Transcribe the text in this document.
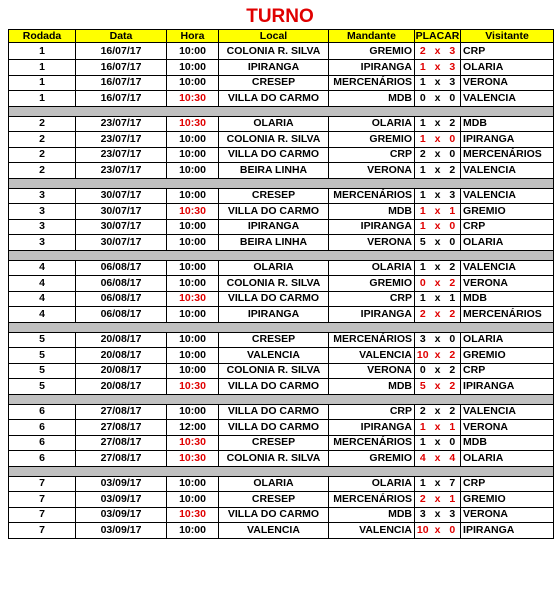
TURNO
Rodada	Data	Hora	Local	Mandante	PLACAR			Visitante
1	16/07/17	10:00	COLONIA R. SILVA	GREMIO	2	x	3	CRP
1	16/07/17	10:00	IPIRANGA	IPIRANGA	1	x	3	OLARIA
1	16/07/17	10:00	CRESEP	MERCENÁRIOS	1	x	3	VERONA
1	16/07/17	10:30	VILLA DO CARMO	MDB	0	x	0	VALENCIA

2	23/07/17	10:30	OLARIA	OLARIA	1	x	2	MDB
2	23/07/17	10:00	COLONIA R. SILVA	GREMIO	1	x	0	IPIRANGA
2	23/07/17	10:00	VILLA DO CARMO	CRP	2	x	0	MERCENÁRIOS
2	23/07/17	10:00	BEIRA LINHA	VERONA	1	x	2	VALENCIA

3	30/07/17	10:00	CRESEP	MERCENÁRIOS	1	x	3	VALENCIA
3	30/07/17	10:30	VILLA DO CARMO	MDB	1	x	1	GREMIO
3	30/07/17	10:00	IPIRANGA	IPIRANGA	1	x	0	CRP
3	30/07/17	10:00	BEIRA LINHA	VERONA	5	x	0	OLARIA

4	06/08/17	10:00	OLARIA	OLARIA	1	x	2	VALENCIA
4	06/08/17	10:00	COLONIA R. SILVA	GREMIO	0	x	2	VERONA
4	06/08/17	10:30	VILLA DO CARMO	CRP	1	x	1	MDB
4	06/08/17	10:00	IPIRANGA	IPIRANGA	2	x	2	MERCENÁRIOS

5	20/08/17	10:00	CRESEP	MERCENÁRIOS	3	x	0	OLARIA
5	20/08/17	10:00	VALENCIA	VALENCIA	10	x	2	GREMIO
5	20/08/17	10:00	COLONIA R. SILVA	VERONA	0	x	2	CRP
5	20/08/17	10:30	VILLA DO CARMO	MDB	5	x	2	IPIRANGA

6	27/08/17	10:00	VILLA DO CARMO	CRP	2	x	2	VALENCIA
6	27/08/17	12:00	VILLA DO CARMO	IPIRANGA	1	x	1	VERONA
6	27/08/17	10:30	CRESEP	MERCENÁRIOS	1	x	0	MDB
6	27/08/17	10:30	COLONIA R. SILVA	GREMIO	4	x	4	OLARIA

7	03/09/17	10:00	OLARIA	OLARIA	1	x	7	CRP
7	03/09/17	10:00	CRESEP	MERCENÁRIOS	2	x	1	GREMIO
7	03/09/17	10:30	VILLA DO CARMO	MDB	3	x	3	VERONA
7	03/09/17	10:00	VALENCIA	VALENCIA	10	x	0	IPIRANGA
